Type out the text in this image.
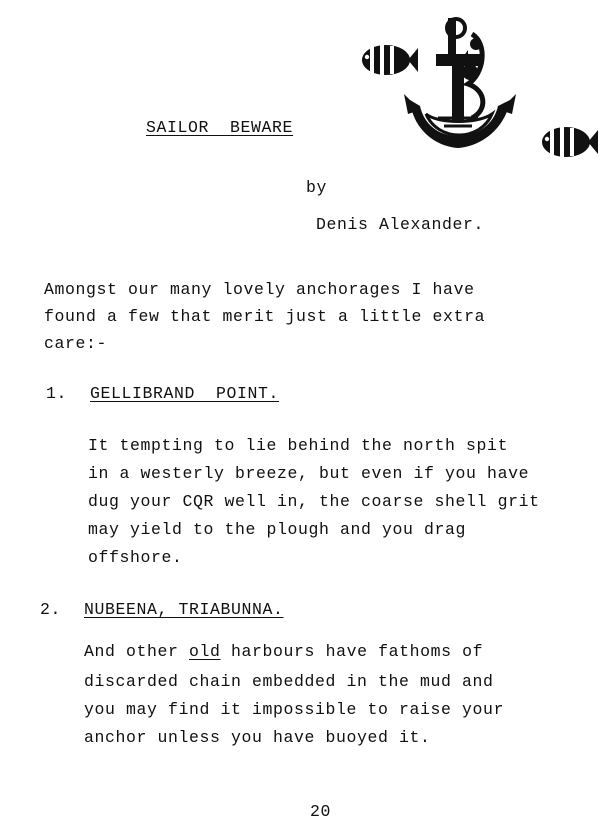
SAILOR  BEWARE
by
Denis Alexander.
Amongst our many lovely anchorages I have
found a few that merit just a little extra
care:-
1. GELLIBRAND  POINT.
It tempting to lie behind the north spit
in a westerly breeze, but even if you have
dug your CQR well in, the coarse shell grit
may yield to the plough and you drag
offshore.
2. NUBEENA, TRIABUNNA.
And other old harbours have fathoms of
discarded chain embedded in the mud and
you may find it impossible to raise your
anchor unless you have buoyed it.
20
